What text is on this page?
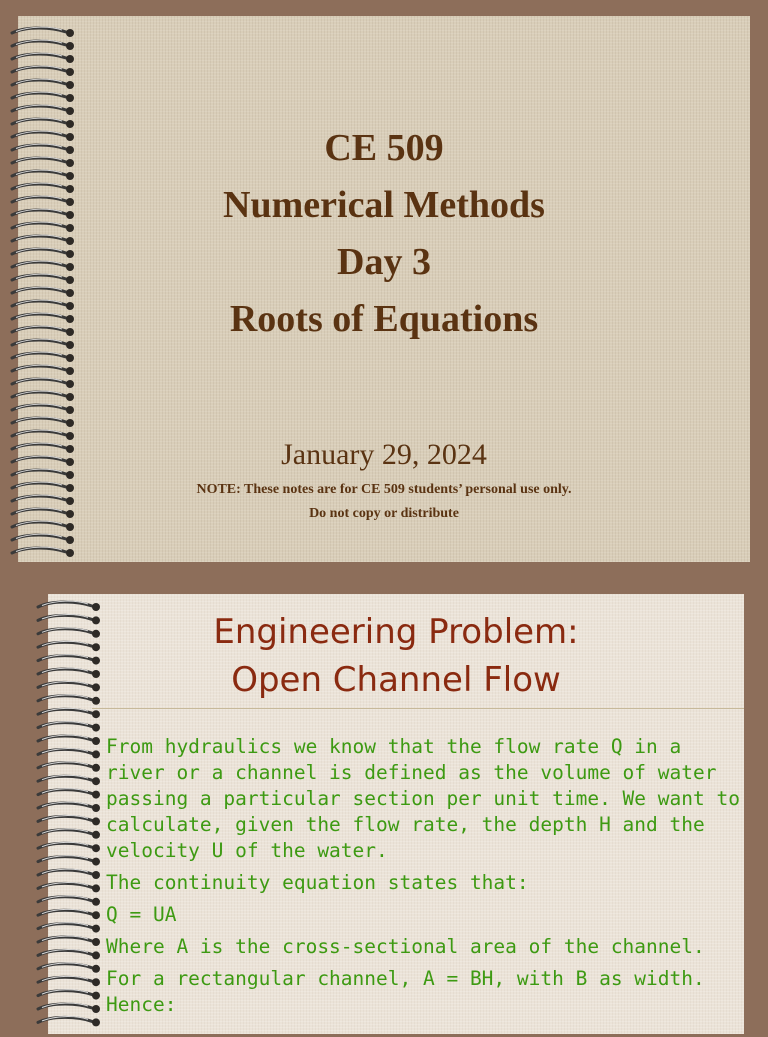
CE 509
Numerical Methods
Day 3
Roots of Equations
January 29, 2024
NOTE: These notes are for CE 509 students’ personal use only.
Do not copy or distribute
Engineering Problem:
Open Channel Flow

From hydraulics we know that the flow rate Q in a river or a channel is defined as the volume of water passing a particular section per unit time. We want to calculate, given the flow rate, the depth H and the velocity U of the water.

The continuity equation states that:

Q = UA

Where A is the cross-sectional area of the channel.

For a rectangular channel, A = BH, with B as width. Hence:
